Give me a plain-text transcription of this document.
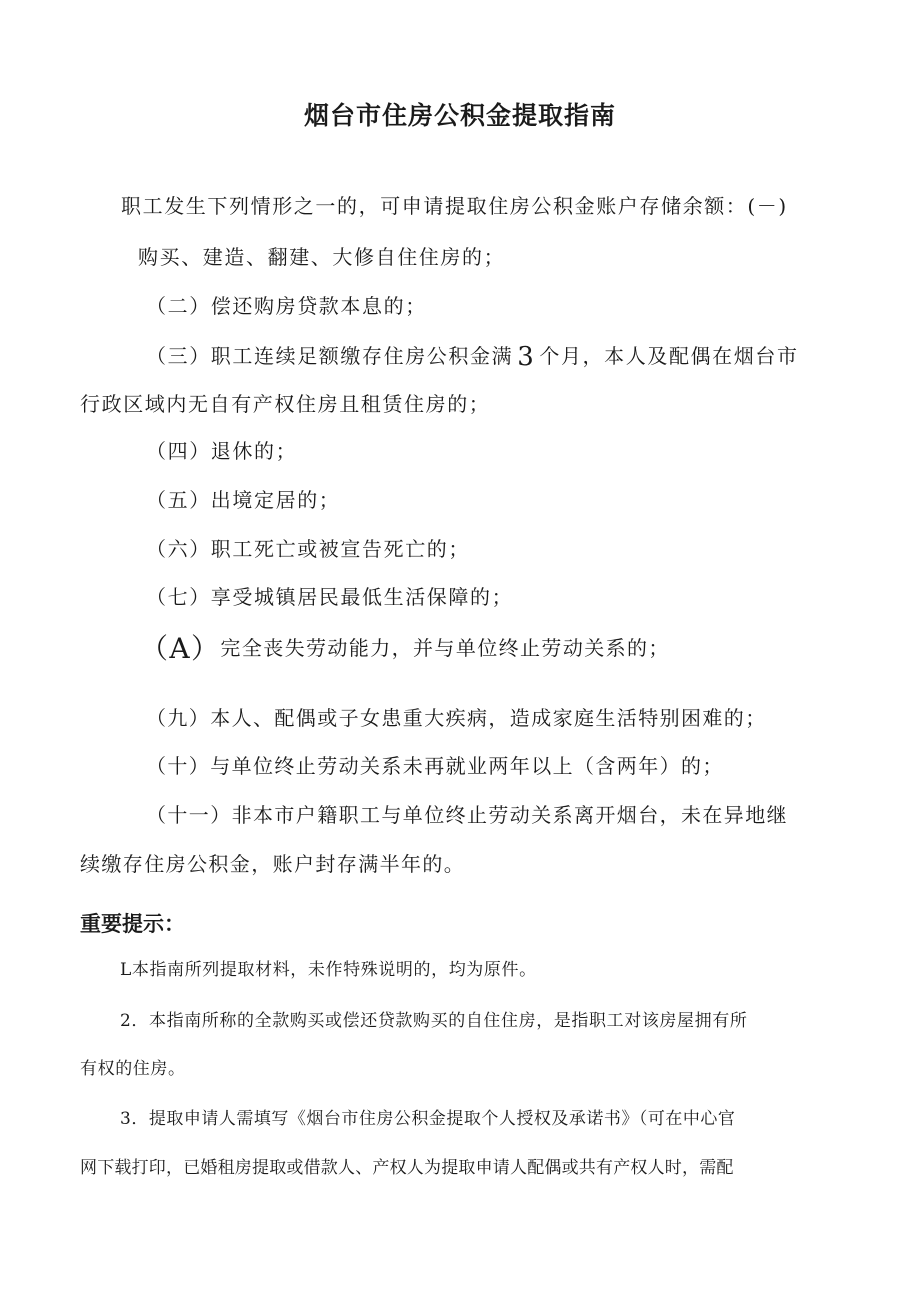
烟台市住房公积金提取指南
职工发生下列情形之一的，可申请提取住房公积金账户存储余额：(－)
购买、建造、翻建、大修自住住房的；
（二）偿还购房贷款本息的；
（三）职工连续足额缴存住房公积金满 3 个月，本人及配偶在烟台市
行政区域内无自有产权住房且租赁住房的；
（四）退休的；
（五）出境定居的；
（六）职工死亡或被宣告死亡的；
（七）享受城镇居民最低生活保障的；
（A）完全丧失劳动能力，并与单位终止劳动关系的；
（九）本人、配偶或子女患重大疾病，造成家庭生活特别困难的；
（十）与单位终止劳动关系未再就业两年以上（含两年）的；
（十一）非本市户籍职工与单位终止劳动关系离开烟台，未在异地继
续缴存住房公积金，账户封存满半年的。
重要提示：
L本指南所列提取材料，未作特殊说明的，均为原件。
2．本指南所称的全款购买或偿还贷款购买的自住住房，是指职工对该房屋拥有所
有权的住房。
3．提取申请人需填写《烟台市住房公积金提取个人授权及承诺书》（可在中心官
网下载打印，已婚租房提取或借款人、产权人为提取申请人配偶或共有产权人时，需配
